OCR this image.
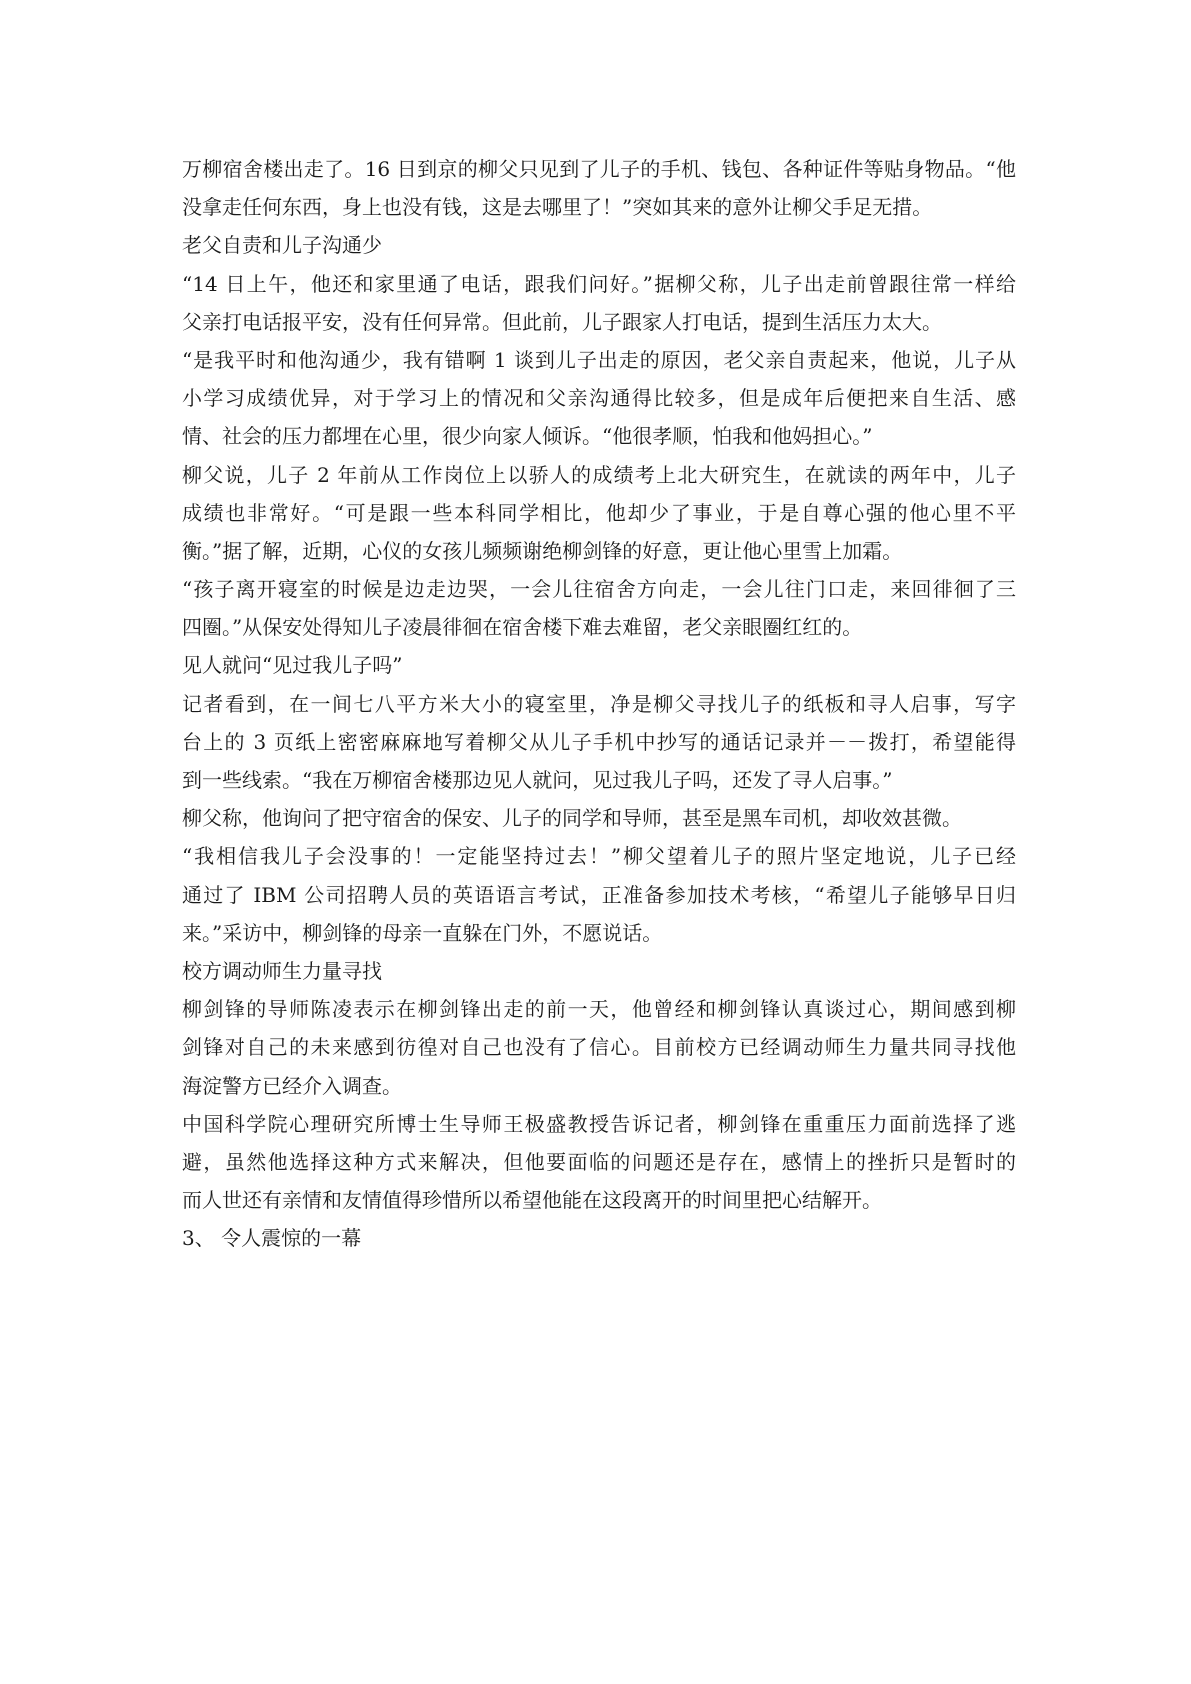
万柳宿舍楼出走了。16 日到京的柳父只见到了儿子的手机、钱包、各种证件等贴身物品。“他
没拿走任何东西，身上也没有钱，这是去哪里了！”突如其来的意外让柳父手足无措。
老父自责和儿子沟通少
“14 日上午，他还和家里通了电话，跟我们问好。”据柳父称，儿子出走前曾跟往常一样给
父亲打电话报平安，没有任何异常。但此前，儿子跟家人打电话，提到生活压力太大。
“是我平时和他沟通少，我有错啊 1 谈到儿子出走的原因，老父亲自责起来，他说，儿子从
小学习成绩优异，对于学习上的情况和父亲沟通得比较多，但是成年后便把来自生活、感
情、社会的压力都埋在心里，很少向家人倾诉。“他很孝顺，怕我和他妈担心。”
柳父说，儿子 2 年前从工作岗位上以骄人的成绩考上北大研究生，在就读的两年中，儿子
成绩也非常好。“可是跟一些本科同学相比，他却少了事业，于是自尊心强的他心里不平
衡。”据了解，近期，心仪的女孩儿频频谢绝柳剑锋的好意，更让他心里雪上加霜。
“孩子离开寝室的时候是边走边哭，一会儿往宿舍方向走，一会儿往门口走，来回徘徊了三
四圈。”从保安处得知儿子凌晨徘徊在宿舍楼下难去难留，老父亲眼圈红红的。
见人就问“见过我儿子吗”
记者看到，在一间七八平方米大小的寝室里，净是柳父寻找儿子的纸板和寻人启事，写字
台上的 3 页纸上密密麻麻地写着柳父从儿子手机中抄写的通话记录并－－拨打，希望能得
到一些线索。“我在万柳宿舍楼那边见人就问，见过我儿子吗，还发了寻人启事。”
柳父称，他询问了把守宿舍的保安、儿子的同学和导师，甚至是黑车司机，却收效甚微。
“我相信我儿子会没事的！一定能坚持过去！”柳父望着儿子的照片坚定地说，儿子已经
通过了 IBM 公司招聘人员的英语语言考试，正准备参加技术考核，“希望儿子能够早日归
来。”采访中，柳剑锋的母亲一直躲在门外，不愿说话。
校方调动师生力量寻找
柳剑锋的导师陈凌表示在柳剑锋出走的前一天，他曾经和柳剑锋认真谈过心，期间感到柳
剑锋对自己的未来感到彷徨对自己也没有了信心。目前校方已经调动师生力量共同寻找他
海淀警方已经介入调查。
中国科学院心理研究所博士生导师王极盛教授告诉记者，柳剑锋在重重压力面前选择了逃
避，虽然他选择这种方式来解决，但他要面临的问题还是存在，感情上的挫折只是暂时的
而人世还有亲情和友情值得珍惜所以希望他能在这段离开的时间里把心结解开。
3、 令人震惊的一幕
